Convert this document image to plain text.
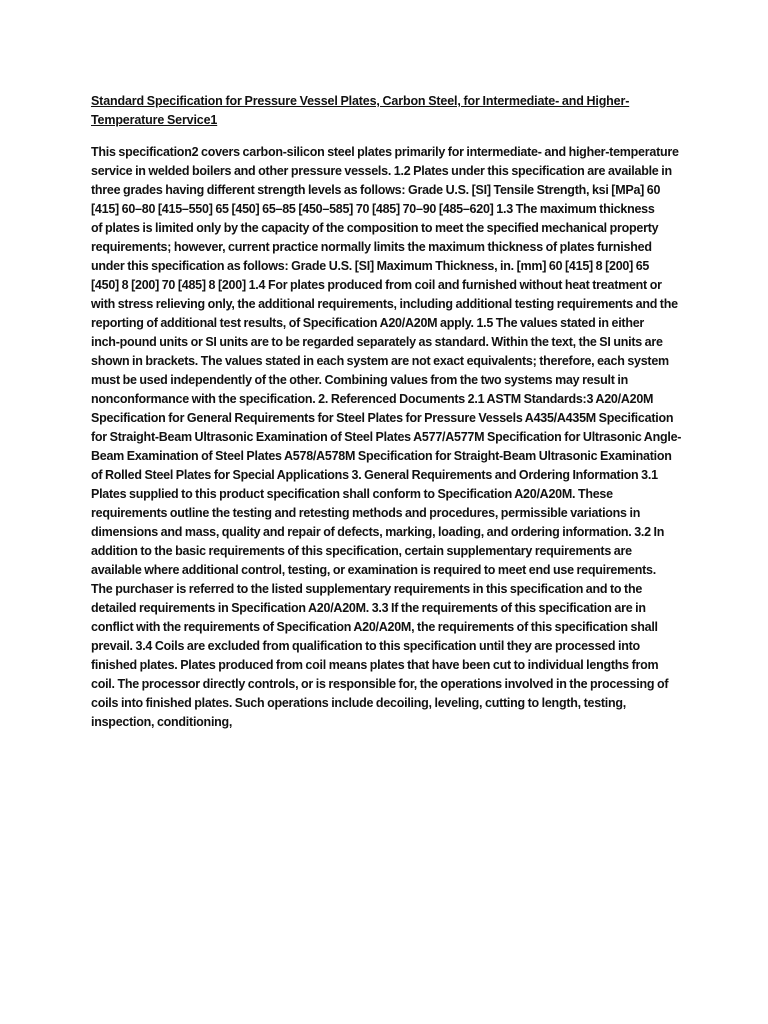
Standard Specification for Pressure Vessel Plates, Carbon Steel, for Intermediate- and Higher-
Temperature Service1

This specification2 covers carbon-silicon steel plates primarily for intermediate- and higher-temperature
service in welded boilers and other pressure vessels. 1.2 Plates under this specification are available in
three grades having different strength levels as follows: Grade U.S. [SI] Tensile Strength, ksi [MPa] 60
[415] 60–80 [415–550] 65 [450] 65–85 [450–585] 70 [485] 70–90 [485–620] 1.3 The maximum thickness
of plates is limited only by the capacity of the composition to meet the specified mechanical property
requirements; however, current practice normally limits the maximum thickness of plates furnished
under this specification as follows: Grade U.S. [SI] Maximum Thickness, in. [mm] 60 [415] 8 [200] 65
[450] 8 [200] 70 [485] 8 [200] 1.4 For plates produced from coil and furnished without heat treatment or
with stress relieving only, the additional requirements, including additional testing requirements and the
reporting of additional test results, of Specification A20/A20M apply. 1.5 The values stated in either
inch-pound units or SI units are to be regarded separately as standard. Within the text, the SI units are
shown in brackets. The values stated in each system are not exact equivalents; therefore, each system
must be used independently of the other. Combining values from the two systems may result in
nonconformance with the specification. 2. Referenced Documents 2.1 ASTM Standards:3 A20/A20M
Specification for General Requirements for Steel Plates for Pressure Vessels A435/A435M Specification
for Straight-Beam Ultrasonic Examination of Steel Plates A577/A577M Specification for Ultrasonic Angle-
Beam Examination of Steel Plates A578/A578M Specification for Straight-Beam Ultrasonic Examination
of Rolled Steel Plates for Special Applications 3. General Requirements and Ordering Information 3.1
Plates supplied to this product specification shall conform to Specification A20/A20M. These
requirements outline the testing and retesting methods and procedures, permissible variations in
dimensions and mass, quality and repair of defects, marking, loading, and ordering information. 3.2 In
addition to the basic requirements of this specification, certain supplementary requirements are
available where additional control, testing, or examination is required to meet end use requirements.
The purchaser is referred to the listed supplementary requirements in this specification and to the
detailed requirements in Specification A20/A20M. 3.3 If the requirements of this specification are in
conflict with the requirements of Specification A20/A20M, the requirements of this specification shall
prevail. 3.4 Coils are excluded from qualification to this specification until they are processed into
finished plates. Plates produced from coil means plates that have been cut to individual lengths from
coil. The processor directly controls, or is responsible for, the operations involved in the processing of
coils into finished plates. Such operations include decoiling, leveling, cutting to length, testing,
inspection, conditioning,
